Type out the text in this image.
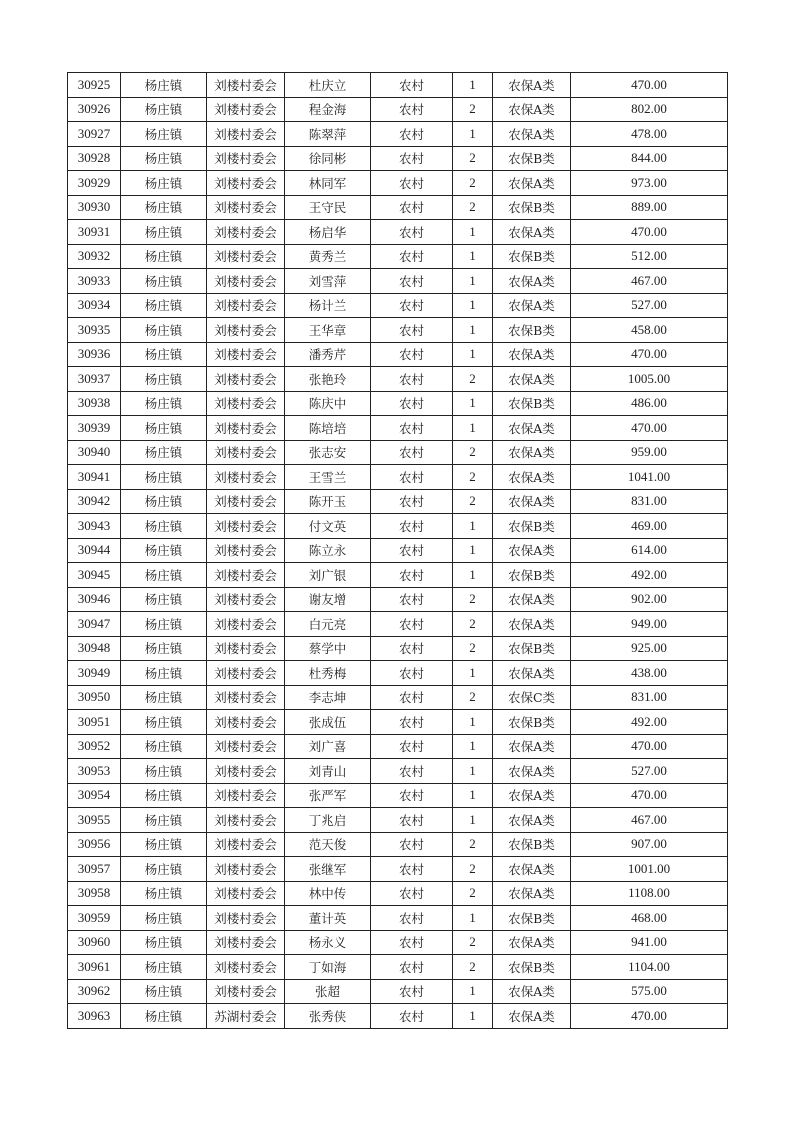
30925	杨庄镇	刘楼村委会	杜庆立	农村	1	农保A类	470.00
30926	杨庄镇	刘楼村委会	程金海	农村	2	农保A类	802.00
30927	杨庄镇	刘楼村委会	陈翠萍	农村	1	农保A类	478.00
30928	杨庄镇	刘楼村委会	徐同彬	农村	2	农保B类	844.00
30929	杨庄镇	刘楼村委会	林同军	农村	2	农保A类	973.00
30930	杨庄镇	刘楼村委会	王守民	农村	2	农保B类	889.00
30931	杨庄镇	刘楼村委会	杨启华	农村	1	农保A类	470.00
30932	杨庄镇	刘楼村委会	黄秀兰	农村	1	农保B类	512.00
30933	杨庄镇	刘楼村委会	刘雪萍	农村	1	农保A类	467.00
30934	杨庄镇	刘楼村委会	杨计兰	农村	1	农保A类	527.00
30935	杨庄镇	刘楼村委会	王华章	农村	1	农保B类	458.00
30936	杨庄镇	刘楼村委会	潘秀芹	农村	1	农保A类	470.00
30937	杨庄镇	刘楼村委会	张艳玲	农村	2	农保A类	1005.00
30938	杨庄镇	刘楼村委会	陈庆中	农村	1	农保B类	486.00
30939	杨庄镇	刘楼村委会	陈培培	农村	1	农保A类	470.00
30940	杨庄镇	刘楼村委会	张志安	农村	2	农保A类	959.00
30941	杨庄镇	刘楼村委会	王雪兰	农村	2	农保A类	1041.00
30942	杨庄镇	刘楼村委会	陈开玉	农村	2	农保A类	831.00
30943	杨庄镇	刘楼村委会	付文英	农村	1	农保B类	469.00
30944	杨庄镇	刘楼村委会	陈立永	农村	1	农保A类	614.00
30945	杨庄镇	刘楼村委会	刘广银	农村	1	农保B类	492.00
30946	杨庄镇	刘楼村委会	谢友增	农村	2	农保A类	902.00
30947	杨庄镇	刘楼村委会	白元亮	农村	2	农保A类	949.00
30948	杨庄镇	刘楼村委会	蔡学中	农村	2	农保B类	925.00
30949	杨庄镇	刘楼村委会	杜秀梅	农村	1	农保A类	438.00
30950	杨庄镇	刘楼村委会	李志坤	农村	2	农保C类	831.00
30951	杨庄镇	刘楼村委会	张成伍	农村	1	农保B类	492.00
30952	杨庄镇	刘楼村委会	刘广喜	农村	1	农保A类	470.00
30953	杨庄镇	刘楼村委会	刘青山	农村	1	农保A类	527.00
30954	杨庄镇	刘楼村委会	张严军	农村	1	农保A类	470.00
30955	杨庄镇	刘楼村委会	丁兆启	农村	1	农保A类	467.00
30956	杨庄镇	刘楼村委会	范天俊	农村	2	农保B类	907.00
30957	杨庄镇	刘楼村委会	张继军	农村	2	农保A类	1001.00
30958	杨庄镇	刘楼村委会	林中传	农村	2	农保A类	1108.00
30959	杨庄镇	刘楼村委会	董计英	农村	1	农保B类	468.00
30960	杨庄镇	刘楼村委会	杨永义	农村	2	农保A类	941.00
30961	杨庄镇	刘楼村委会	丁如海	农村	2	农保B类	1104.00
30962	杨庄镇	刘楼村委会	张超	农村	1	农保A类	575.00
30963	杨庄镇	苏湖村委会	张秀侠	农村	1	农保A类	470.00
